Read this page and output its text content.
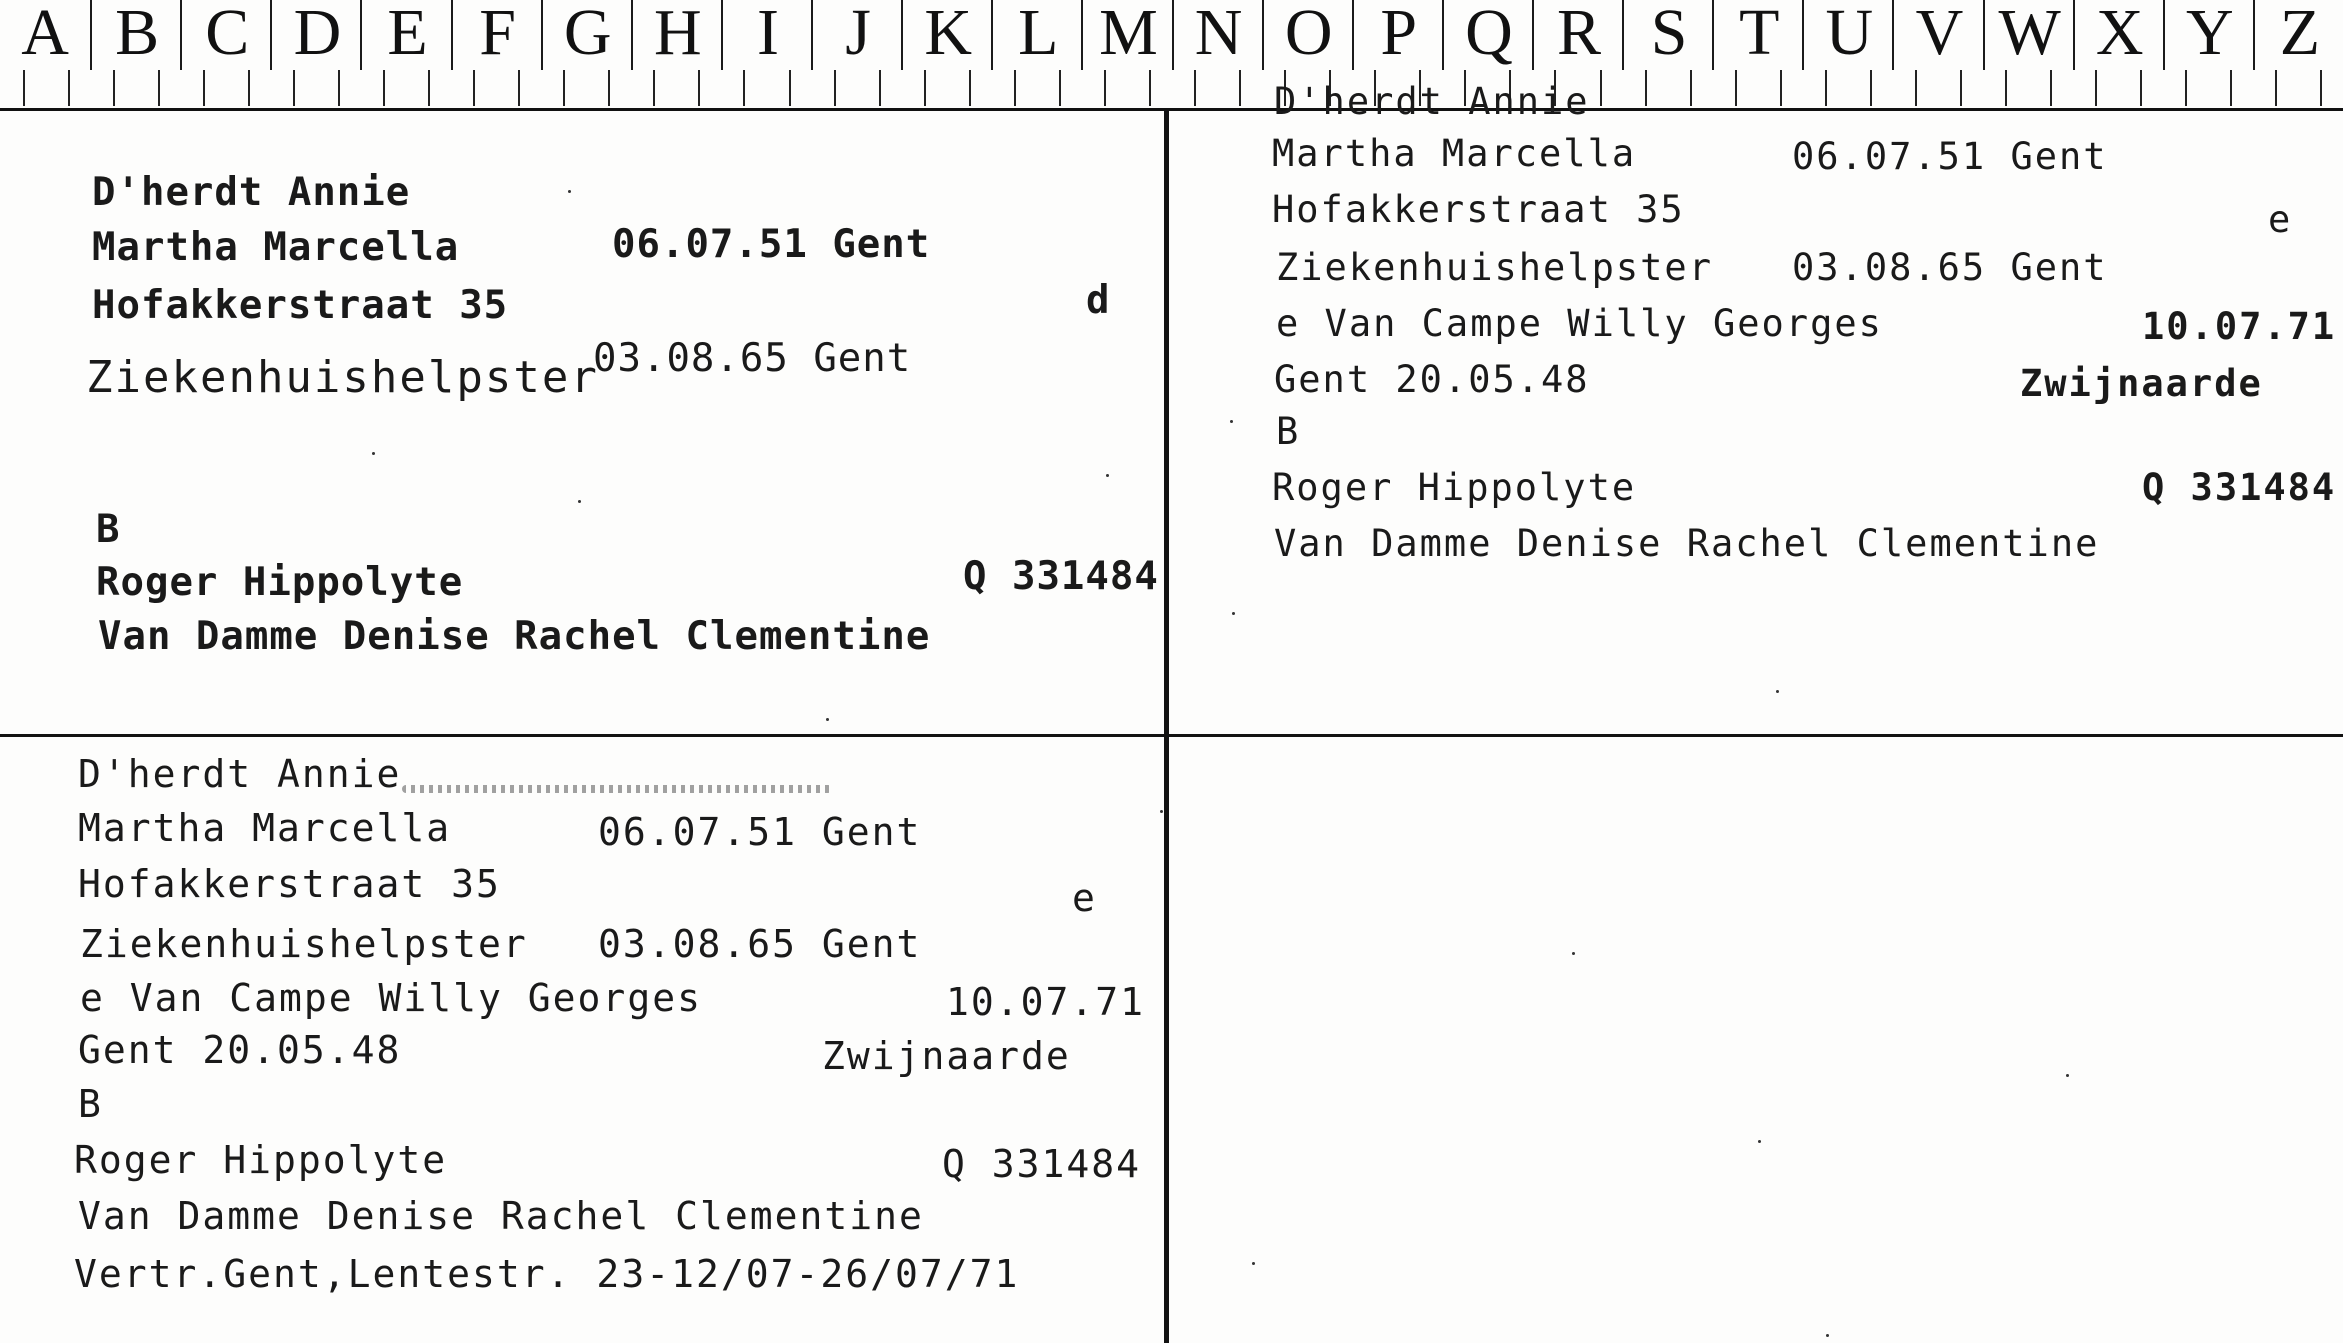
A B C D E F G H I	J K L M N O P Q R S T U V W X Y Z
D'herdt Annie
Martha Marcella	06.07.51 Gent
Hofakkerstraat 35	d
Ziekenhuishelpster
03.08.65 Gent
B
Roger Hippolyte	Q 331484
Van Damme Denise Rachel Clementine
D'herdt Annie
Martha Marcella	06.07.51 Gent
Hofakkerstraat 35	e
Ziekenhuishelpster 03.08.65 Gent
e Van Campe Willy Georges	10.07.71
Gent 20.05.48	Zwijnaarde
B
Roger Hippolyte	Q 331484
Van Damme Denise Rachel Clementine
D'herdt Annie
Martha Marcella	06.07.51 Gent
Hofakkerstraat 35	e
Ziekenhuishelpster 03.08.65 Gent
e Van Campe Willy Georges	10.07.71
Gent 20.05.48	Zwijnaarde
B
Roger Hippolyte	Q 331484
Van Damme Denise Rachel Clementine
Vertr.Gent,Lentestr. 23-12/07-26/07/71
